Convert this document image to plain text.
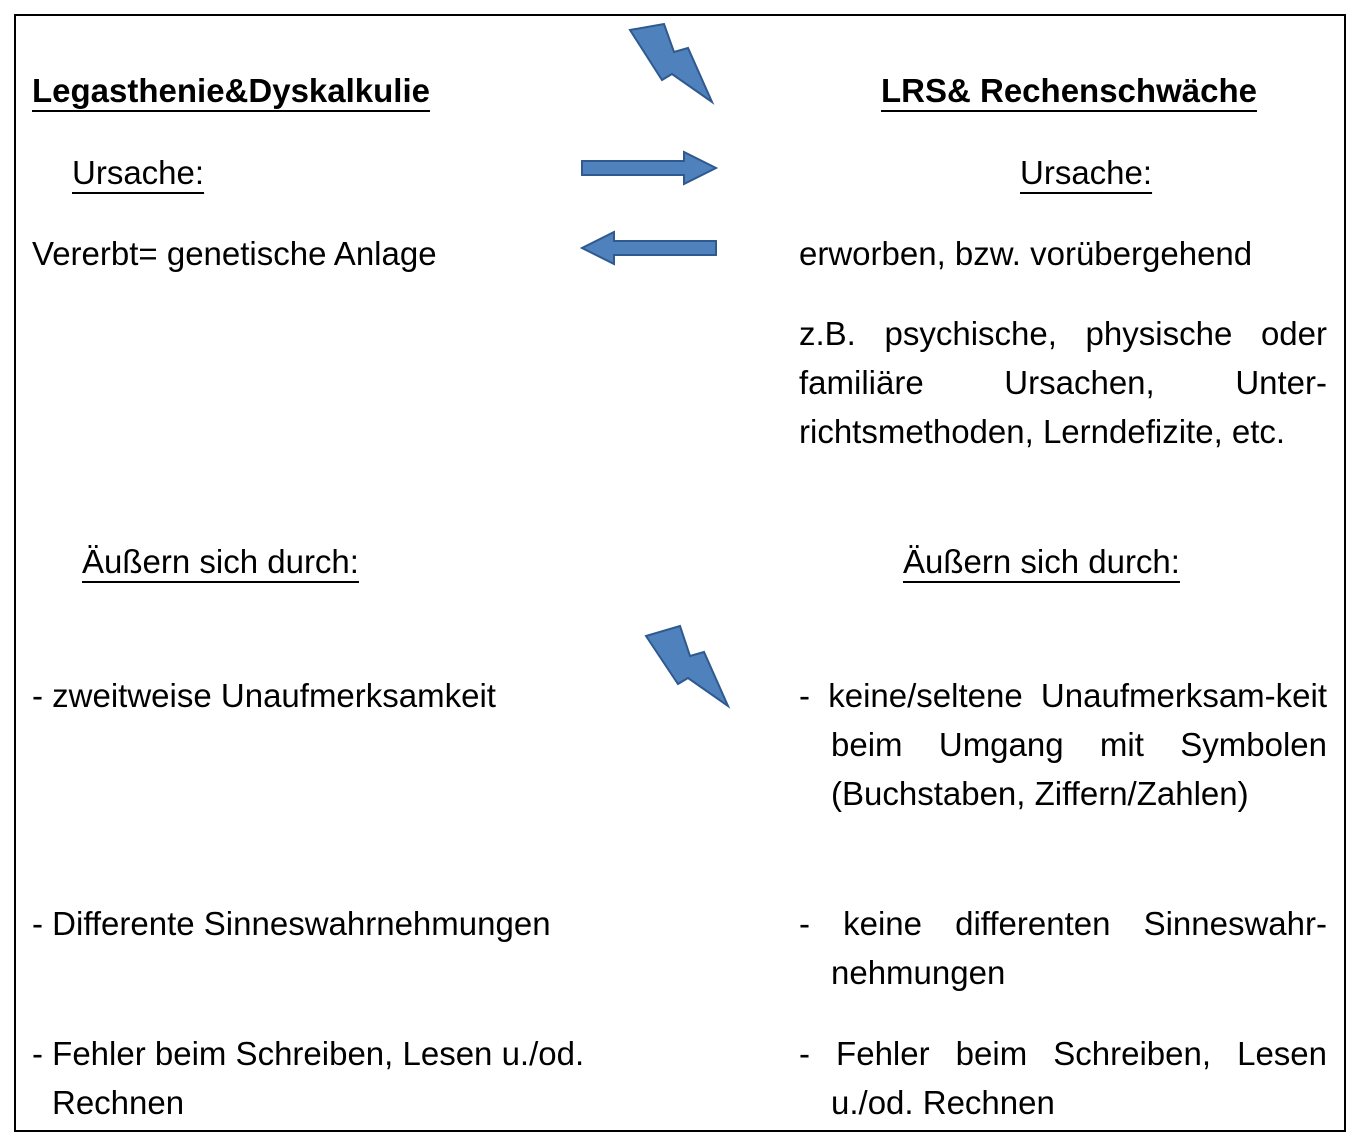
Legasthenie&Dyskalkulie
Ursache:
Vererbt= genetische Anlage
Äußern sich durch:
- zweitweise Unaufmerksamkeit
- Differente Sinneswahrnehmungen
- Fehler beim Schreiben, Lesen u./od. Rechnen
LRS& Rechenschwäche
Ursache:
erworben, bzw. vorübergehend
z.B. psychische, physische oder familiäre Ursachen, Unter-richtsmethoden, Lerndefizite, etc.
Äußern sich durch:
- keine/seltene Unaufmerksam-keit beim Umgang mit Symbolen (Buchstaben, Ziffern/Zahlen)
- keine differenten Sinneswahr-nehmungen
- Fehler beim Schreiben, Lesen u./od. Rechnen
